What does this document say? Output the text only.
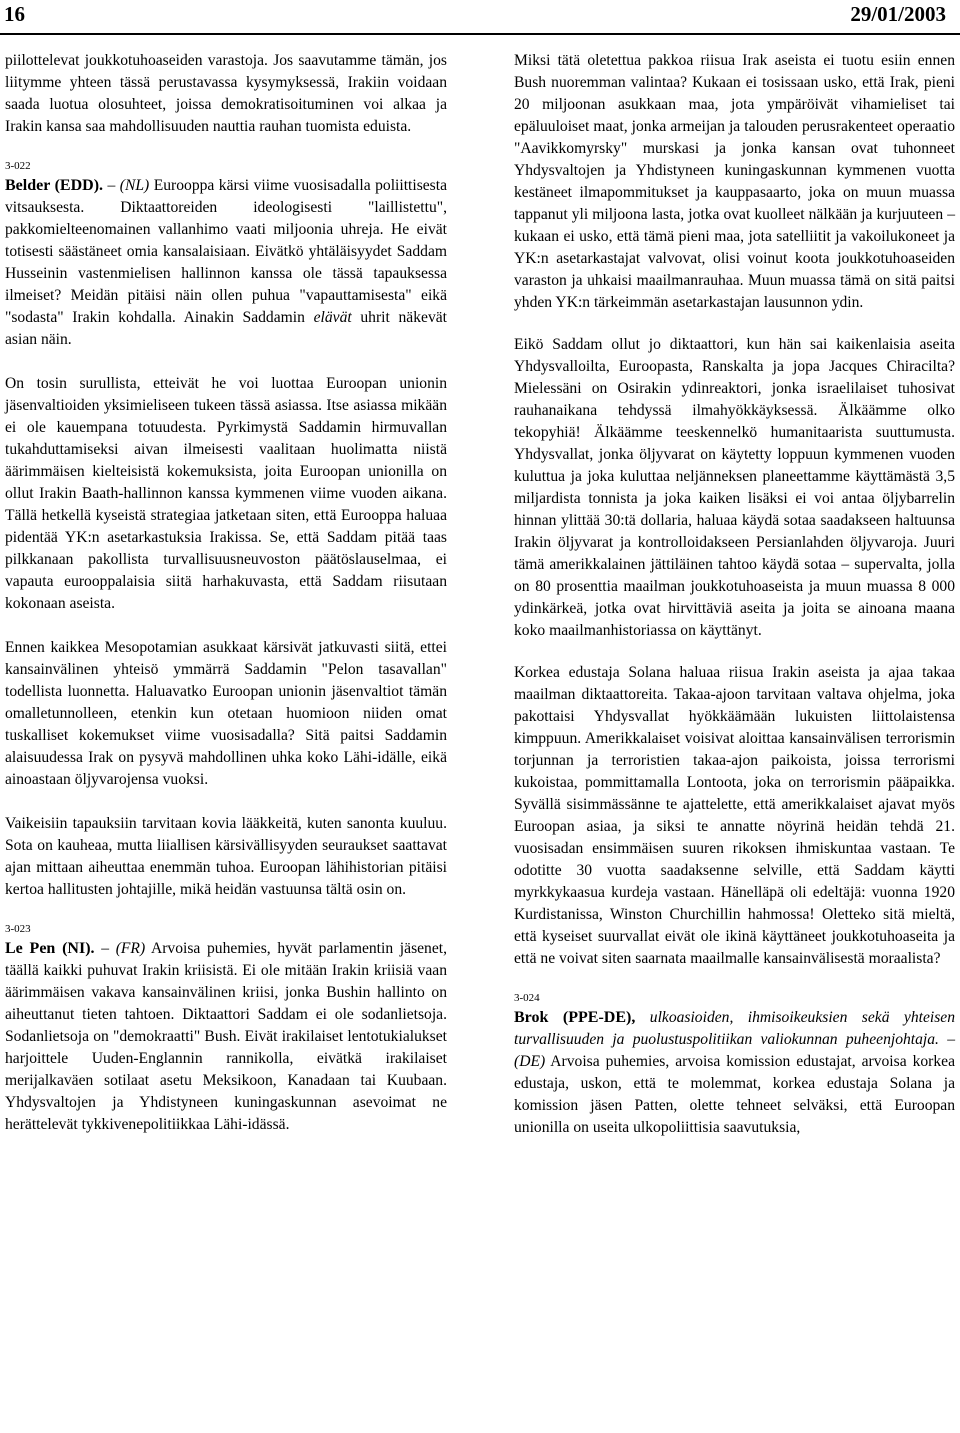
16	29/01/2003

piilottelevat joukkotuhoaseiden varastoja. Jos saavutamme tämän, jos liitymme yhteen tässä perustavassa kysymyksessä, Irakiin voidaan saada luotua olosuhteet, joissa demokratisoituminen voi alkaa ja Irakin kansa saa mahdollisuuden nauttia rauhan tuomista eduista.

3-022

Belder (EDD). – (NL) Eurooppa kärsi viime vuosisadalla poliittisesta vitsauksesta. Diktaattoreiden ideologisesti "laillistettu", pakkomielteenomainen vallanhimo vaati miljoonia uhreja. He eivät totisesti säästäneet omia kansalaisiaan. Eivätkö yhtäläisyydet Saddam Husseinin vastenmielisen hallinnon kanssa ole tässä tapauksessa ilmeiset? Meidän pitäisi näin ollen puhua "vapauttamisesta" eikä "sodasta" Irakin kohdalla. Ainakin Saddamin elävät uhrit näkevät asian näin.

On tosin surullista, etteivät he voi luottaa Euroopan unionin jäsenvaltioiden yksimieliseen tukeen tässä asiassa. Itse asiassa mikään ei ole kauempana totuudesta. Pyrkimystä Saddamin hirmuvallan tukahduttamiseksi aivan ilmeisesti vaalitaan huolimatta niistä äärimmäisen kielteisistä kokemuksista, joita Euroopan unionilla on ollut Irakin Baath-hallinnon kanssa kymmenen viime vuoden aikana. Tällä hetkellä kyseistä strategiaa jatketaan siten, että Eurooppa haluaa pidentää YK:n asetarkastuksia Irakissa. Se, että Saddam pitää taas pilkkanaan pakollista turvallisuusneuvoston päätöslauselmaa, ei vapauta eurooppalaisia siitä harhakuvasta, että Saddam riisutaan kokonaan aseista.

Ennen kaikkea Mesopotamian asukkaat kärsivät jatkuvasti siitä, ettei kansainvälinen yhteisö ymmärrä Saddamin "Pelon tasavallan" todellista luonnetta. Haluavatko Euroopan unionin jäsenvaltiot tämän omalletunnolleen, etenkin kun otetaan huomioon niiden omat tuskalliset kokemukset viime vuosisadalla? Sitä paitsi Saddamin alaisuudessa Irak on pysyvä mahdollinen uhka koko Lähi-idälle, eikä ainoastaan öljyvarojensa vuoksi.

Vaikeisiin tapauksiin tarvitaan kovia lääkkeitä, kuten sanonta kuuluu. Sota on kauheaa, mutta liiallisen kärsivällisyyden seuraukset saattavat ajan mittaan aiheuttaa enemmän tuhoa. Euroopan lähihistorian pitäisi kertoa hallitusten johtajille, mikä heidän vastuunsa tältä osin on.

3-023

Le Pen (NI). – (FR) Arvoisa puhemies, hyvät parlamentin jäsenet, täällä kaikki puhuvat Irakin kriisistä. Ei ole mitään Irakin kriisiä vaan äärimmäisen vakava kansainvälinen kriisi, jonka Bushin hallinto on aiheuttanut tieten tahtoen. Diktaattori Saddam ei ole sodanlietsoja. Sodanlietsoja on "demokraatti" Bush. Eivät irakilaiset lentotukialukset harjoittele Uuden-Englannin rannikolla, eivätkä irakilaiset merijalkaväen sotilaat asetu Meksikoon, Kanadaan tai Kuubaan. Yhdysvaltojen ja Yhdistyneen kuningaskunnan asevoimat ne herättelevät tykkivenepolitiikkaa Lähi-idässä.

Miksi tätä oletettua pakkoa riisua Irak aseista ei tuotu esiin ennen Bush nuoremman valintaa? Kukaan ei tosissaan usko, että Irak, pieni 20 miljoonan asukkaan maa, jota ympäröivät vihamieliset tai epäluuloiset maat, jonka armeijan ja talouden perusrakenteet operaatio "Aavikkomyrsky" murskasi ja jonka kansan ovat tuhonneet Yhdysvaltojen ja Yhdistyneen kuningaskunnan kymmenen vuotta kestäneet ilmapommitukset ja kauppasaarto, joka on muun muassa tappanut yli miljoona lasta, jotka ovat kuolleet nälkään ja kurjuuteen – kukaan ei usko, että tämä pieni maa, jota satelliitit ja vakoilukoneet ja YK:n asetarkastajat valvovat, olisi voinut koota joukkotuhoaseiden varaston ja uhkaisi maailmanrauhaa. Muun muassa tämä on sitä paitsi yhden YK:n tärkeimmän asetarkastajan lausunnon ydin.

Eikö Saddam ollut jo diktaattori, kun hän sai kaikenlaisia aseita Yhdysvalloilta, Euroopasta, Ranskalta ja jopa Jacques Chiracilta? Mielessäni on Osirakin ydinreaktori, jonka israelilaiset tuhosivat rauhanaikana tehdyssä ilmahyökkäyksessä. Älkäämme olko tekopyhiä! Älkäämme teeskennelkö humanitaarista suuttumusta. Yhdysvallat, jonka öljyvarat on käytetty loppuun kymmenen vuoden kuluttua ja joka kuluttaa neljänneksen planeettamme käyttämästä 3,5 miljardista tonnista ja joka kaiken lisäksi ei voi antaa öljybarrelin hinnan ylittää 30:tä dollaria, haluaa käydä sotaa saadakseen haltuunsa Irakin öljyvarat ja kontrolloidakseen Persianlahden öljyvaroja. Juuri tämä amerikkalainen jättiläinen tahtoo käydä sotaa – supervalta, jolla on 80 prosenttia maailman joukkotuhoaseista ja muun muassa 8 000 ydinkärkeä, jotka ovat hirvittäviä aseita ja joita se ainoana maana koko maailmanhistoriassa on käyttänyt.

Korkea edustaja Solana haluaa riisua Irakin aseista ja ajaa takaa maailman diktaattoreita. Takaa-ajoon tarvitaan valtava ohjelma, joka pakottaisi Yhdysvallat hyökkäämään lukuisten liittolaistensa kimppuun. Amerikkalaiset voisivat aloittaa kansainvälisen terrorismin torjunnan ja terroristien takaa-ajon paikoista, joissa terrorismi kukoistaa, pommittamalla Lontoota, joka on terrorismin pääpaikka. Syvällä sisimmässänne te ajattelette, että amerikkalaiset ajavat myös Euroopan asiaa, ja siksi te annatte nöyrinä heidän tehdä 21. vuosisadan ensimmäisen suuren rikoksen ihmiskuntaa vastaan. Te odotitte 30 vuotta saadaksenne selville, että Saddam käytti myrkkykaasua kurdeja vastaan. Hänelläpä oli edeltäjä: vuonna 1920 Kurdistanissa, Winston Churchillin hahmossa! Oletteko sitä mieltä, että kyseiset suurvallat eivät ole ikinä käyttäneet joukkotuhoaseita ja että ne voivat siten saarnata maailmalle kansainvälisestä moraalista?

3-024

Brok (PPE-DE), ulkoasioiden, ihmisoikeuksien sekä yhteisen turvallisuuden ja puolustuspolitiikan valiokunnan puheenjohtaja. – (DE) Arvoisa puhemies, arvoisa komission edustajat, arvoisa korkea edustaja, uskon, että te molemmat, korkea edustaja Solana ja komission jäsen Patten, olette tehneet selväksi, että Euroopan unionilla on useita ulkopoliittisia saavutuksia,
